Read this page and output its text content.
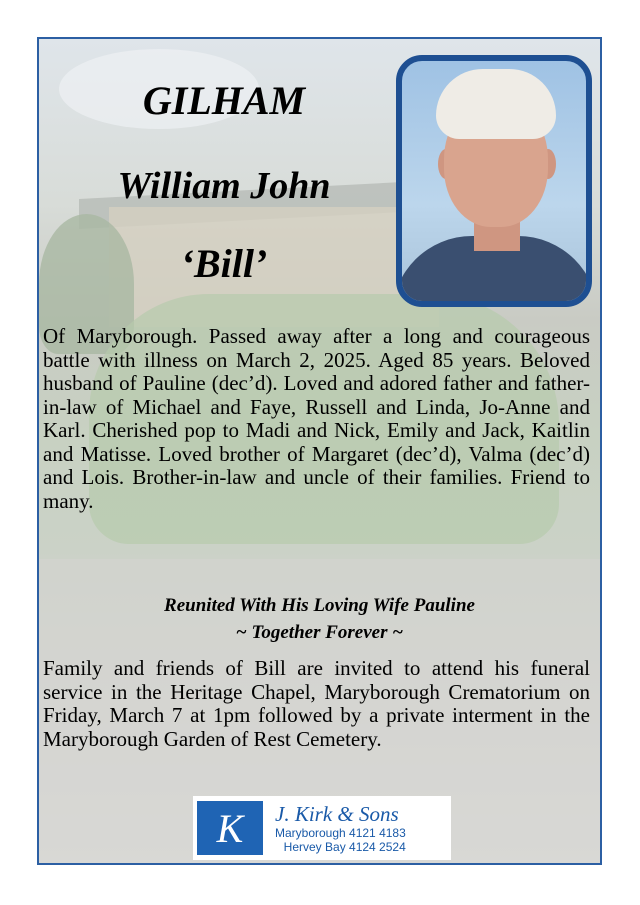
GILHAM
William John
‘Bill’

Of Maryborough. Passed away after a long and courageous battle with illness on March 2, 2025. Aged 85 years. Beloved husband of Pauline (dec’d). Loved and adored father and father-in-law of Michael and Faye, Russell and Linda, Jo-Anne and Karl. Cherished pop to Madi and Nick, Emily and Jack, Kaitlin and Matisse. Loved brother of Margaret (dec’d), Valma (dec’d) and Lois. Brother-in-law and uncle of their families. Friend to many.

Reunited With His Loving Wife Pauline

~ Together Forever ~

Family and friends of Bill are invited to attend his funeral service in the Heritage Chapel, Maryborough Crematorium on Friday, March 7 at 1pm followed by a private interment in the Maryborough Garden of Rest Cemetery.

K	J. Kirk & Sons
Maryborough 4121 4183
Hervey Bay 4124 2524
